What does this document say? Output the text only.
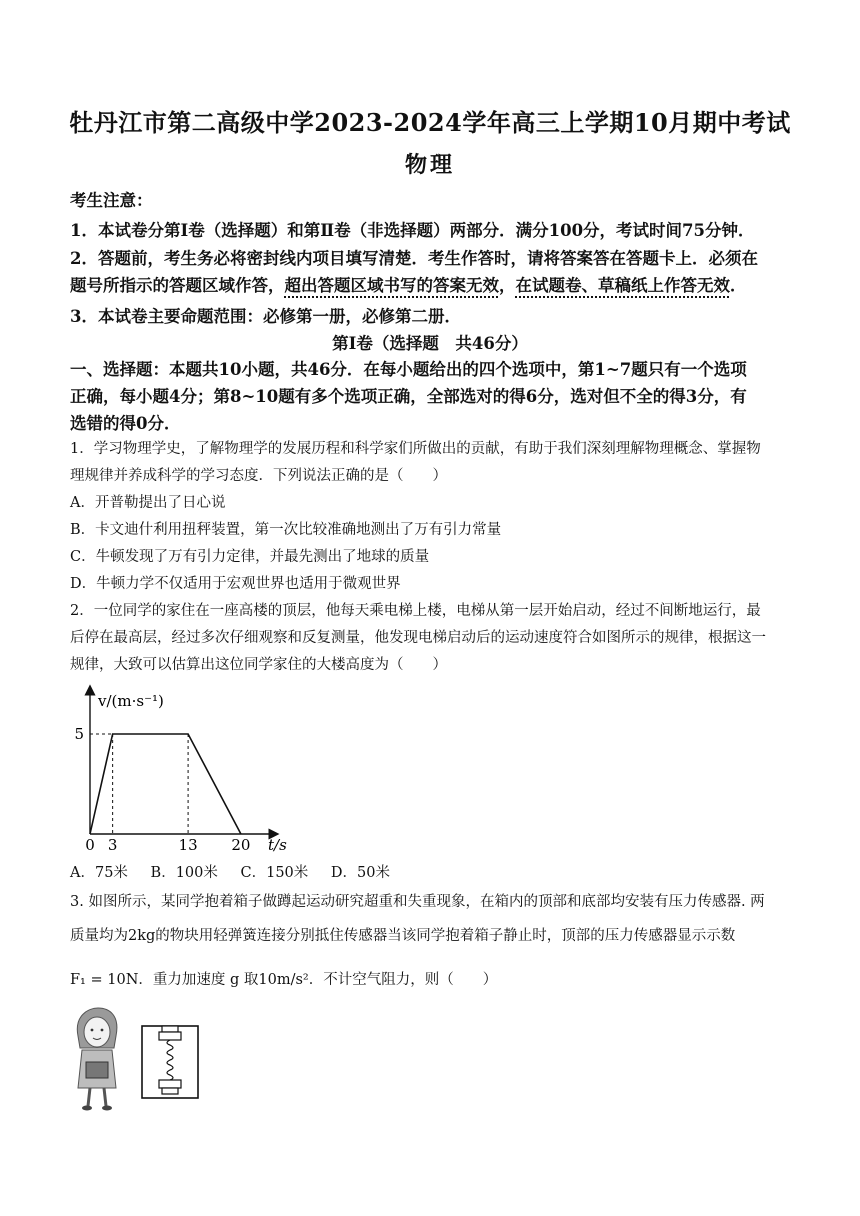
牡丹江市第二高级中学2023-2024学年高三上学期10月期中考试
物理
考生注意：
1．本试卷分第Ⅰ卷（选择题）和第Ⅱ卷（非选择题）两部分．满分100分，考试时间75分钟．
2．答题前，考生务必将密封线内项目填写清楚．考生作答时，请将答案答在答题卡上．必须在
题号所指示的答题区域作答，超出答题区域书写的答案无效，在试题卷、草稿纸上作答无效．
3．本试卷主要命题范围：必修第一册，必修第二册．
第Ⅰ卷（选择题　共46分）
一、选择题：本题共10小题，共46分．在每小题给出的四个选项中，第1~7题只有一个选项
正确，每小题4分；第8~10题有多个选项正确，全部选对的得6分，选对但不全的得3分，有
选错的得0分．
1．学习物理学史，了解物理学的发展历程和科学家们所做出的贡献，有助于我们深刻理解物理概念、掌握物
理规律并养成科学的学习态度．下列说法正确的是（　　）
A．开普勒提出了日心说
B．卡文迪什利用扭秤装置，第一次比较准确地测出了万有引力常量
C．牛顿发现了万有引力定律，并最先测出了地球的质量
D．牛顿力学不仅适用于宏观世界也适用于微观世界
2．一位同学的家住在一座高楼的顶层，他每天乘电梯上楼，电梯从第一层开始启动，经过不间断地运行，最
后停在最高层，经过多次仔细观察和反复测量，他发现电梯启动后的运动速度符合如图所示的规律，根据这一
规律，大致可以估算出这位同学家住的大楼高度为（　　）
v/(m·s⁻¹)
t/s
0 3	13 20
5
A．75米 B．100米 C．150米 D．50米
3. 如图所示，某同学抱着箱子做蹲起运动研究超重和失重现象，在箱内的顶部和底部均安装有压力传感器. 两
质量均为2kg的物块用轻弹簧连接分别抵住传感器当该同学抱着箱子静止时，顶部的压力传感器显示示数
F₁ = 10N．重力加速度 g 取10m/s²．不计空气阻力，则（　　）
